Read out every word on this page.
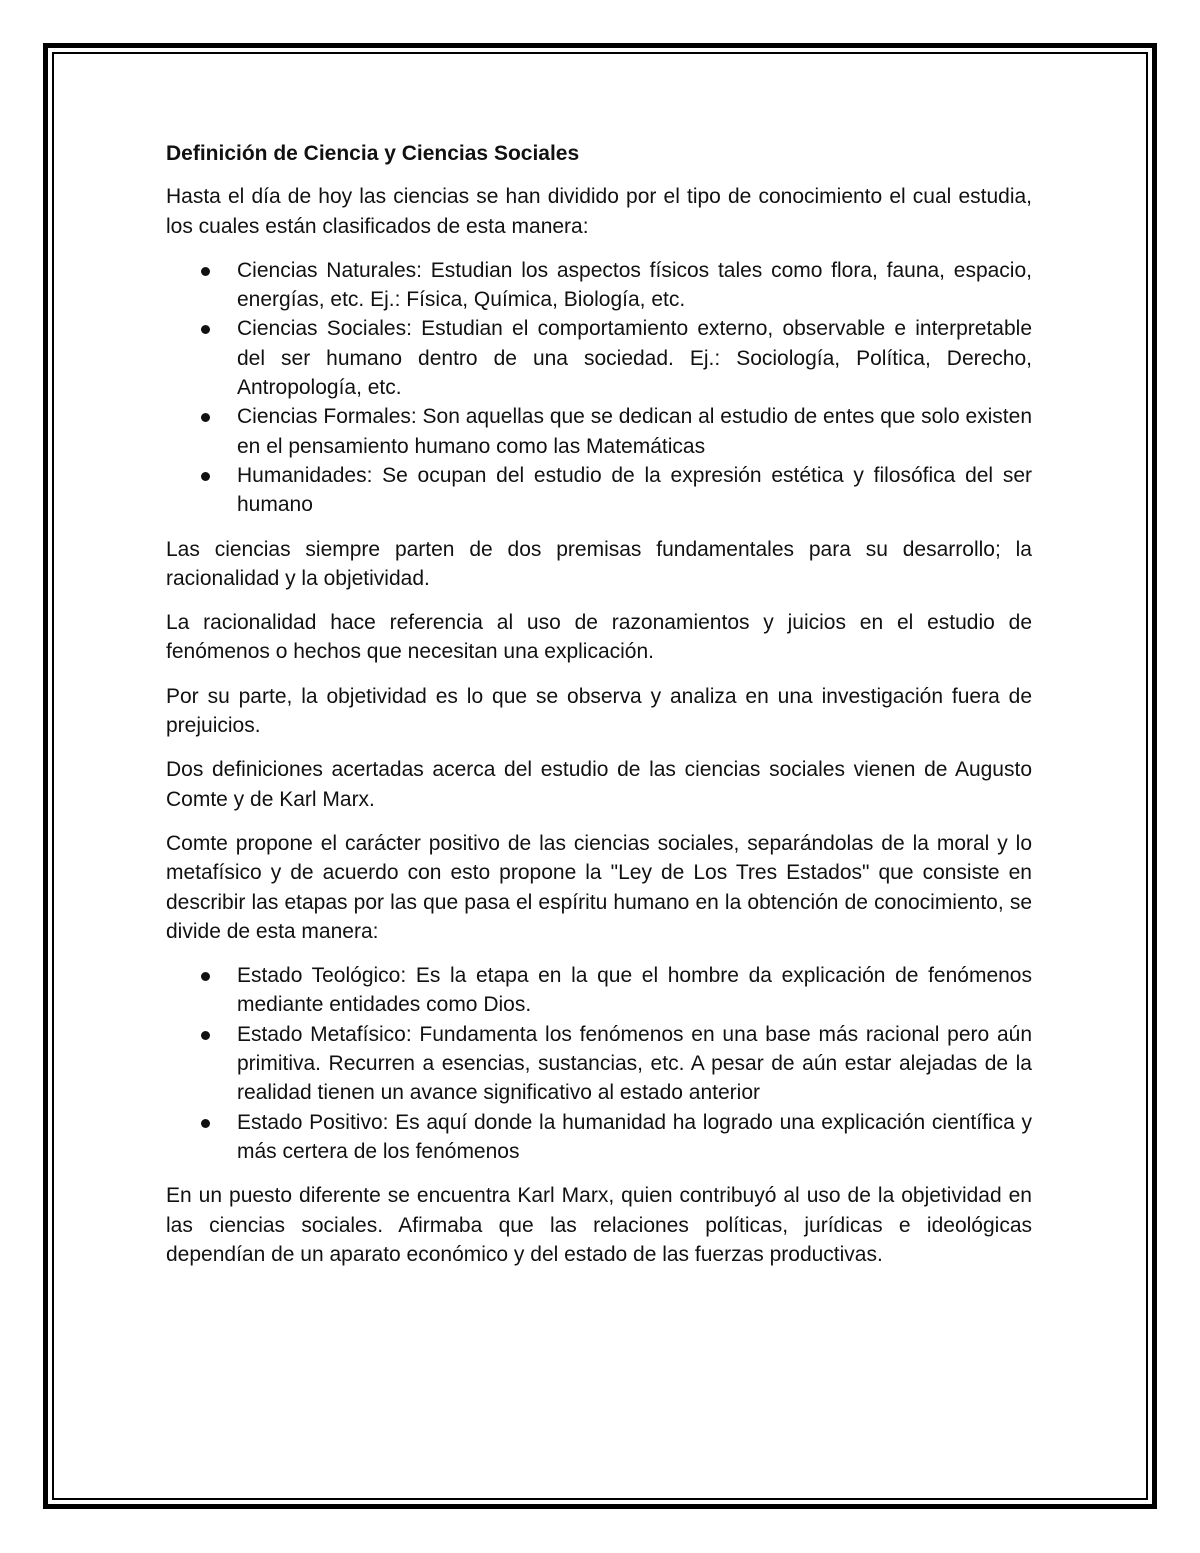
Definición de Ciencia y Ciencias Sociales

Hasta el día de hoy las ciencias se han dividido por el tipo de conocimiento el cual estudia, los cuales están clasificados de esta manera:

Ciencias Naturales: Estudian los aspectos físicos tales como flora, fauna, espacio, energías, etc. Ej.: Física, Química, Biología, etc.
Ciencias Sociales: Estudian el comportamiento externo, observable e interpretable del ser humano dentro de una sociedad. Ej.: Sociología, Política, Derecho, Antropología, etc.
Ciencias Formales: Son aquellas que se dedican al estudio de entes que solo existen en el pensamiento humano como las Matemáticas
Humanidades: Se ocupan del estudio de la expresión estética y filosófica del ser humano

Las ciencias siempre parten de dos premisas fundamentales para su desarrollo; la racionalidad y la objetividad.

La racionalidad hace referencia al uso de razonamientos y juicios en el estudio de fenómenos o hechos que necesitan una explicación.

Por su parte, la objetividad es lo que se observa y analiza en una investigación fuera de prejuicios.

Dos definiciones acertadas acerca del estudio de las ciencias sociales vienen de Augusto Comte y de Karl Marx.

Comte propone el carácter positivo de las ciencias sociales, separándolas de la moral y lo metafísico y de acuerdo con esto propone la "Ley de Los Tres Estados" que consiste en describir las etapas por las que pasa el espíritu humano en la obtención de conocimiento, se divide de esta manera:

Estado Teológico: Es la etapa en la que el hombre da explicación de fenómenos mediante entidades como Dios.
Estado Metafísico: Fundamenta los fenómenos en una base más racional pero aún primitiva. Recurren a esencias, sustancias, etc. A pesar de aún estar alejadas de la realidad tienen un avance significativo al estado anterior
Estado Positivo: Es aquí donde la humanidad ha logrado una explicación científica y más certera de los fenómenos

En un puesto diferente se encuentra Karl Marx, quien contribuyó al uso de la objetividad en las ciencias sociales. Afirmaba que las relaciones políticas, jurídicas e ideológicas dependían de un aparato económico y del estado de las fuerzas productivas.
